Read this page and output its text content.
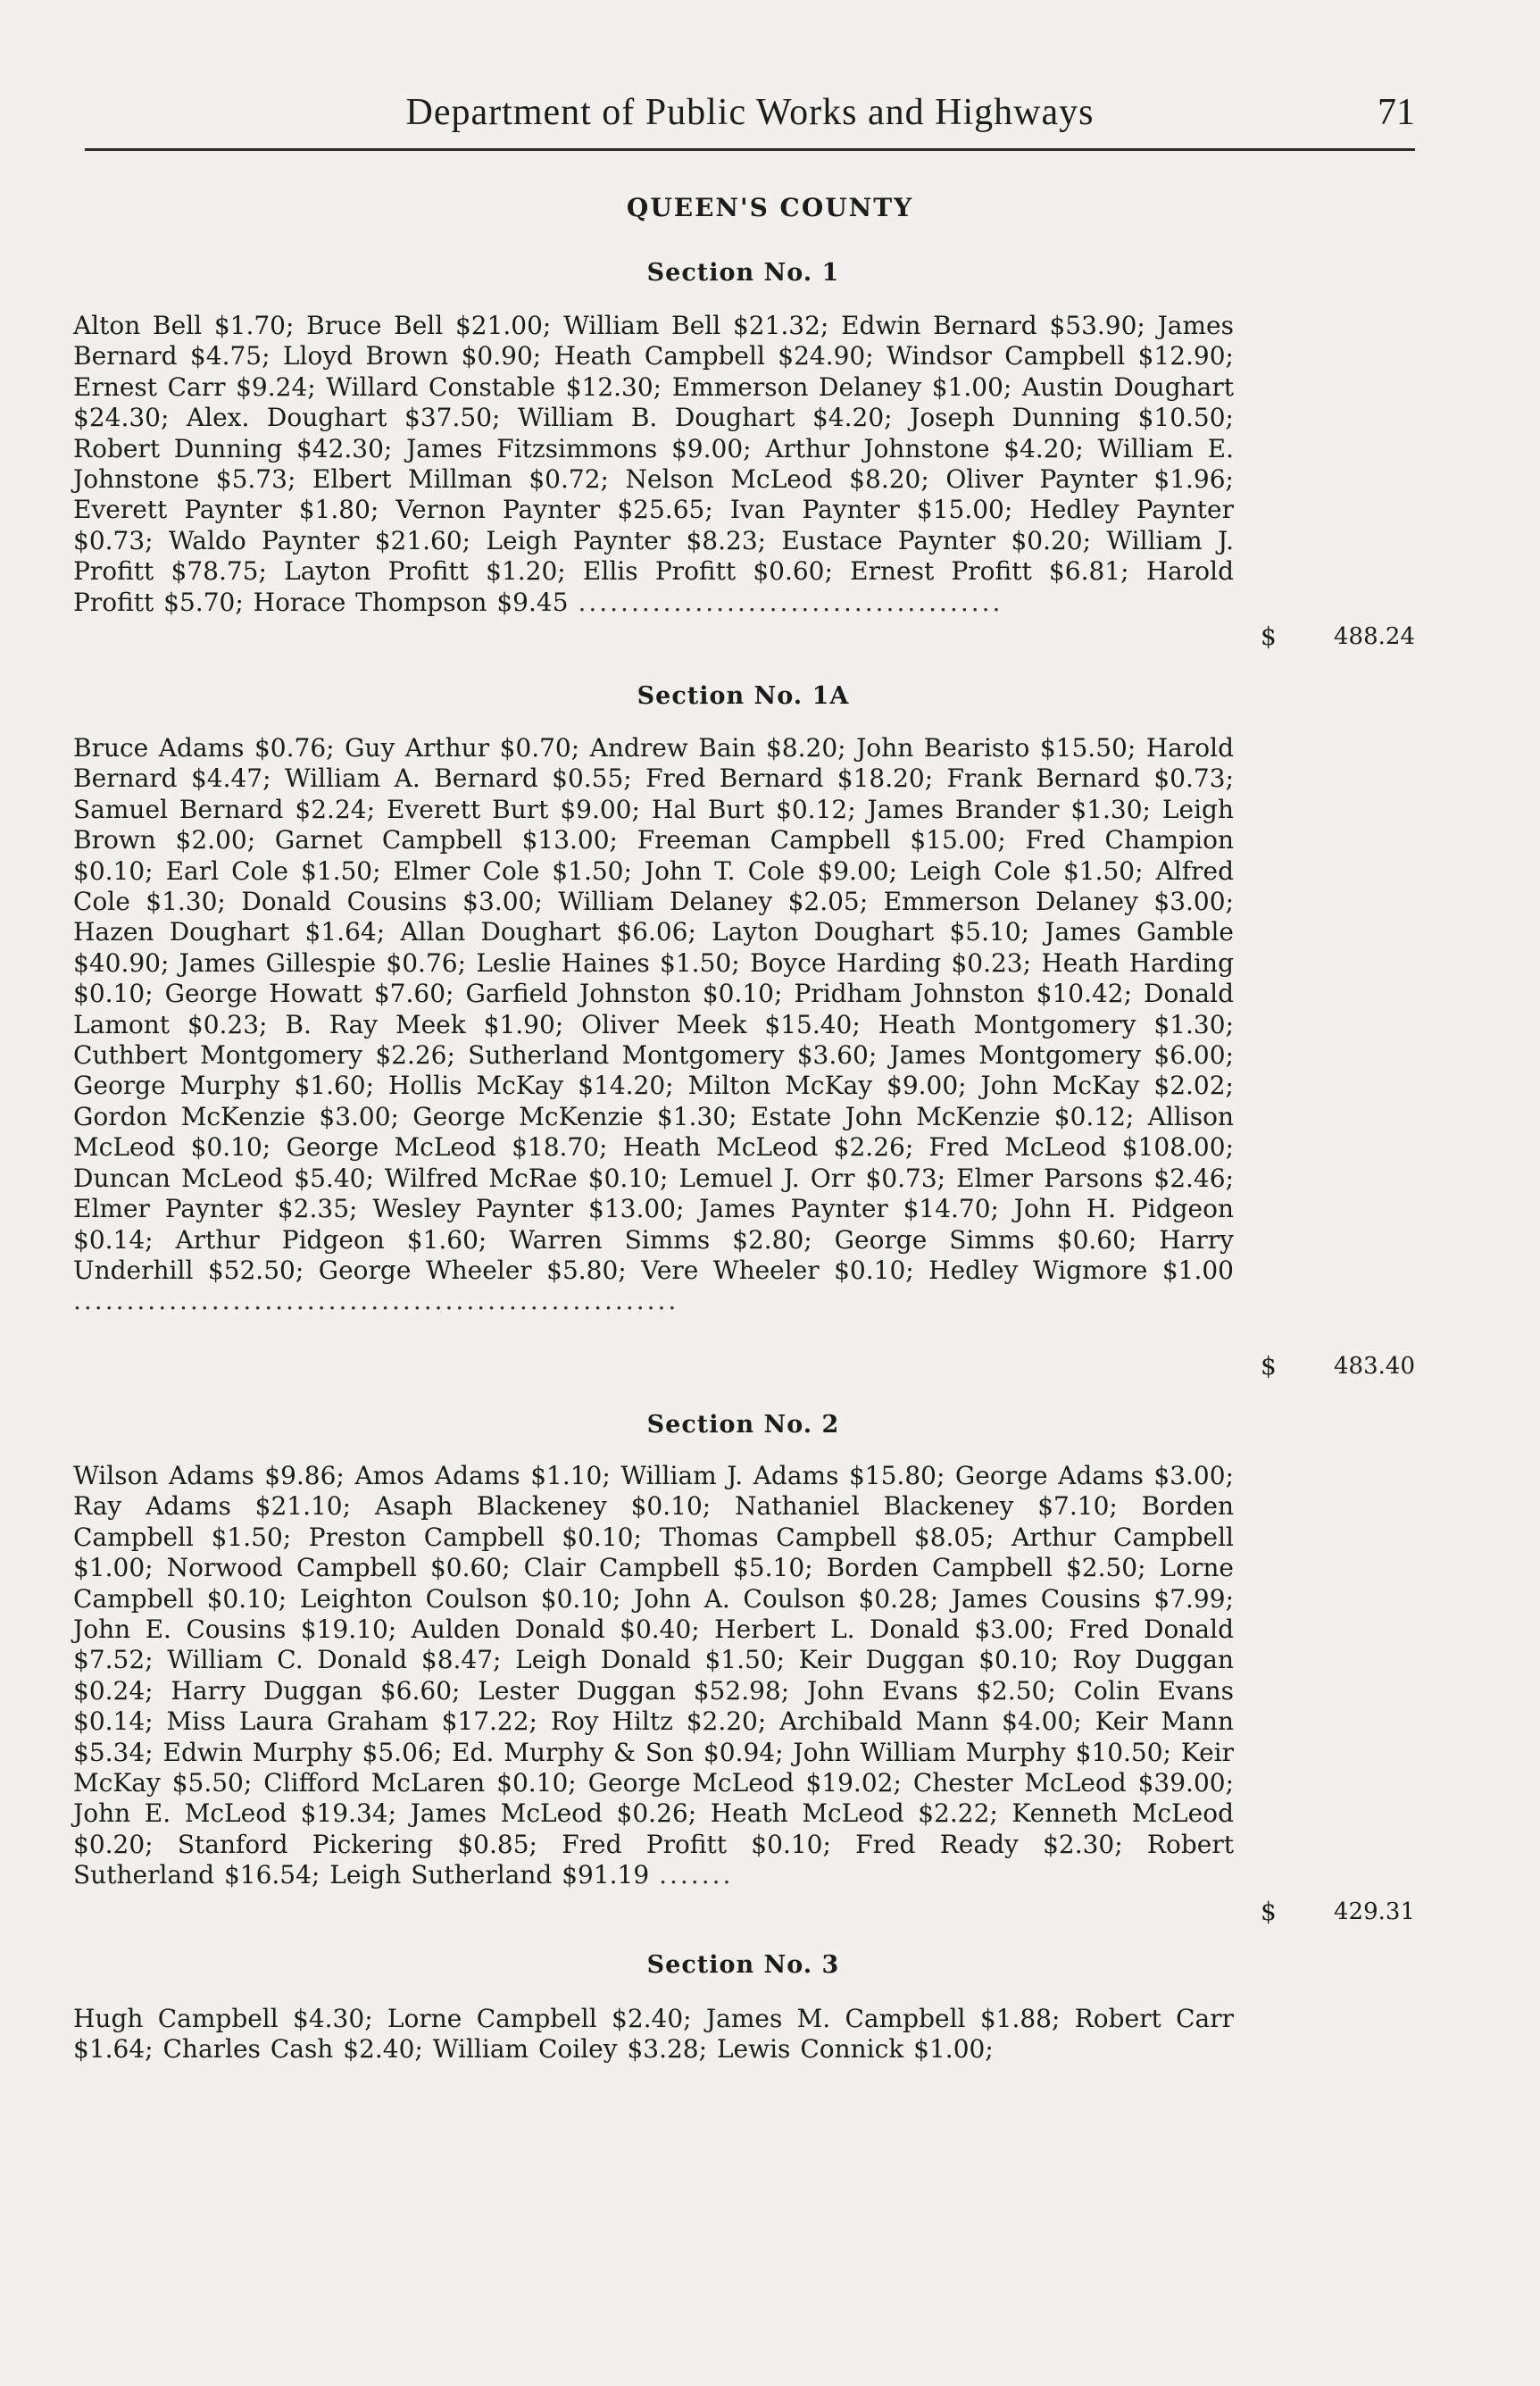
Department of Public Works and Highways	71
QUEEN'S COUNTY
Section No. 1
Alton Bell $1.70; Bruce Bell $21.00; William Bell $21.32; Edwin Bernard $53.90; James Bernard $4.75; Lloyd Brown $0.90; Heath Campbell $24.90; Windsor Campbell $12.90; Ernest Carr $9.24; Willard Constable $12.30; Emmerson Delaney $1.00; Austin Doughart $24.30; Alex. Doughart $37.50; William B. Doughart $4.20; Joseph Dunning $10.50; Robert Dunning $42.30; James Fitzsimmons $9.00; Arthur Johnstone $4.20; William E. Johnstone $5.73; Elbert Millman $0.72; Nelson McLeod $8.20; Oliver Paynter $1.96; Everett Paynter $1.80; Vernon Paynter $25.65; Ivan Paynter $15.00; Hedley Paynter $0.73; Waldo Paynter $21.60; Leigh Paynter $8.23; Eustace Paynter $0.20; William J. Profitt $78.75; Layton Profitt $1.20; Ellis Profitt $0.60; Ernest Profitt $6.81; Harold Profitt $5.70; Horace Thompson $9.45 ........................................
$ 488.24
Section No. 1A
Bruce Adams $0.76; Guy Arthur $0.70; Andrew Bain $8.20; John Bearisto $15.50; Harold Bernard $4.47; William A. Bernard $0.55; Fred Bernard $18.20; Frank Bernard $0.73; Samuel Bernard $2.24; Everett Burt $9.00; Hal Burt $0.12; James Brander $1.30; Leigh Brown $2.00; Garnet Campbell $13.00; Freeman Campbell $15.00; Fred Champion $0.10; Earl Cole $1.50; Elmer Cole $1.50; John T. Cole $9.00; Leigh Cole $1.50; Alfred Cole $1.30; Donald Cousins $3.00; William Delaney $2.05; Emmerson Delaney $3.00; Hazen Doughart $1.64; Allan Doughart $6.06; Layton Doughart $5.10; James Gamble $40.90; James Gillespie $0.76; Leslie Haines $1.50; Boyce Harding $0.23; Heath Harding $0.10; George Howatt $7.60; Garfield Johnston $0.10; Pridham Johnston $10.42; Donald Lamont $0.23; B. Ray Meek $1.90; Oliver Meek $15.40; Heath Montgomery $1.30; Cuthbert Montgomery $2.26; Sutherland Montgomery $3.60; James Montgomery $6.00; George Murphy $1.60; Hollis McKay $14.20; Milton McKay $9.00; John McKay $2.02; Gordon McKenzie $3.00; George McKenzie $1.30; Estate John McKenzie $0.12; Allison McLeod $0.10; George McLeod $18.70; Heath McLeod $2.26; Fred McLeod $108.00; Duncan McLeod $5.40; Wilfred McRae $0.10; Lemuel J. Orr $0.73; Elmer Parsons $2.46; Elmer Paynter $2.35; Wesley Paynter $13.00; James Paynter $14.70; John H. Pidgeon $0.14; Arthur Pidgeon $1.60; Warren Simms $2.80; George Simms $0.60; Harry Underhill $52.50; George Wheeler $5.80; Vere Wheeler $0.10; Hedley Wigmore $1.00 .........................................................
$ 483.40
Section No. 2
Wilson Adams $9.86; Amos Adams $1.10; William J. Adams $15.80; George Adams $3.00; Ray Adams $21.10; Asaph Blackeney $0.10; Nathaniel Blackeney $7.10; Borden Campbell $1.50; Preston Campbell $0.10; Thomas Campbell $8.05; Arthur Campbell $1.00; Norwood Campbell $0.60; Clair Campbell $5.10; Borden Campbell $2.50; Lorne Campbell $0.10; Leighton Coulson $0.10; John A. Coulson $0.28; James Cousins $7.99; John E. Cousins $19.10; Aulden Donald $0.40; Herbert L. Donald $3.00; Fred Donald $7.52; William C. Donald $8.47; Leigh Donald $1.50; Keir Duggan $0.10; Roy Duggan $0.24; Harry Duggan $6.60; Lester Duggan $52.98; John Evans $2.50; Colin Evans $0.14; Miss Laura Graham $17.22; Roy Hiltz $2.20; Archibald Mann $4.00; Keir Mann $5.34; Edwin Murphy $5.06; Ed. Murphy & Son $0.94; John William Murphy $10.50; Keir McKay $5.50; Clifford McLaren $0.10; George McLeod $19.02; Chester McLeod $39.00; John E. McLeod $19.34; James McLeod $0.26; Heath McLeod $2.22; Kenneth McLeod $0.20; Stanford Pickering $0.85; Fred Profitt $0.10; Fred Ready $2.30; Robert Sutherland $16.54; Leigh Sutherland $91.19 .......
$ 429.31
Section No. 3
Hugh Campbell $4.30; Lorne Campbell $2.40; James M. Campbell $1.88; Robert Carr $1.64; Charles Cash $2.40; William Coiley $3.28; Lewis Connick $1.00;
